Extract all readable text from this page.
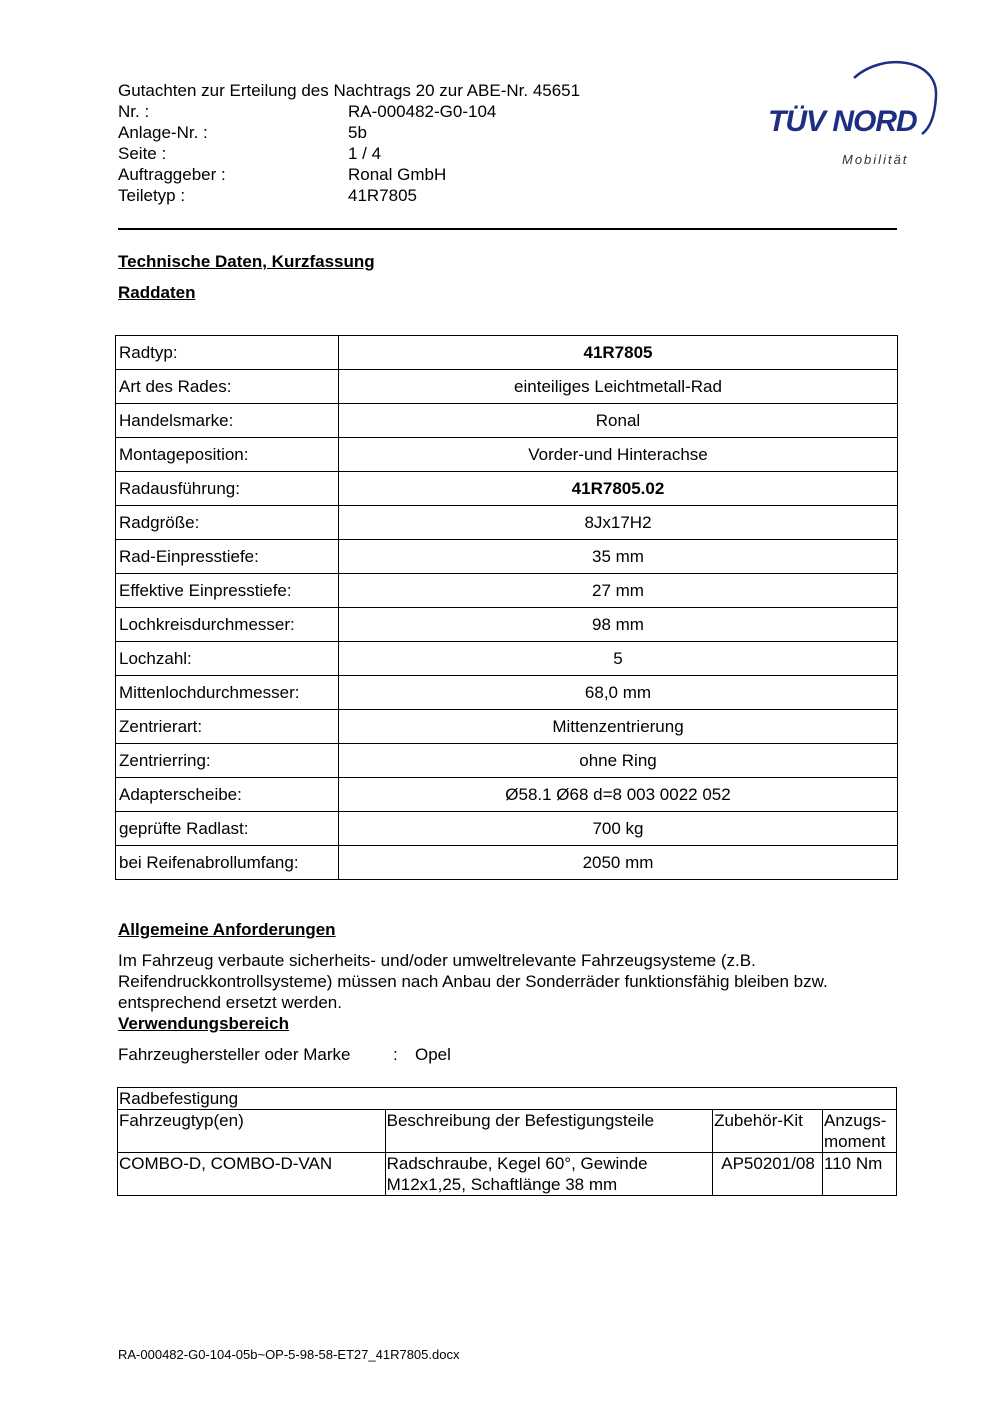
Gutachten zur Erteilung des Nachtrags 20 zur ABE-Nr. 45651
Nr. :	RA-000482-G0-104
Anlage-Nr. :	5b
Seite :	1 / 4
Auftraggeber :	Ronal GmbH
Teiletyp :	41R7805
TÜV NORD
Mobilität
Technische Daten, Kurzfassung
Raddaten
Radtyp:	41R7805
Art des Rades:	einteiliges Leichtmetall-Rad
Handelsmarke:	Ronal
Montageposition:	Vorder-und Hinterachse
Radausführung:	41R7805.02
Radgröße:	8Jx17H2
Rad-Einpresstiefe:	35 mm
Effektive Einpresstiefe:	27 mm
Lochkreisdurchmesser:	98 mm
Lochzahl:	5
Mittenlochdurchmesser:	68,0 mm
Zentrierart:	Mittenzentrierung
Zentrierring:	ohne Ring
Adapterscheibe:	Ø58.1 Ø68 d=8 003 0022 052
geprüfte Radlast:	700 kg
bei Reifenabrollumfang:	2050 mm
Allgemeine Anforderungen
Im Fahrzeug verbaute sicherheits- und/oder umweltrelevante Fahrzeugsysteme (z.B. Reifendruckkontrollsysteme) müssen nach Anbau der Sonderräder funktionsfähig bleiben bzw. entsprechend ersetzt werden.
Verwendungsbereich
Fahrzeughersteller oder Marke	: Opel
Radbefestigung			
Fahrzeugtyp(en)	Beschreibung der Befestigungsteile	Zubehör-Kit	Anzugs-moment
COMBO-D, COMBO-D-VAN	Radschraube, Kegel 60°, Gewinde M12x1,25, Schaftlänge 38 mm	AP50201/08	110 Nm
RA-000482-G0-104-05b~OP-5-98-58-ET27_41R7805.docx
